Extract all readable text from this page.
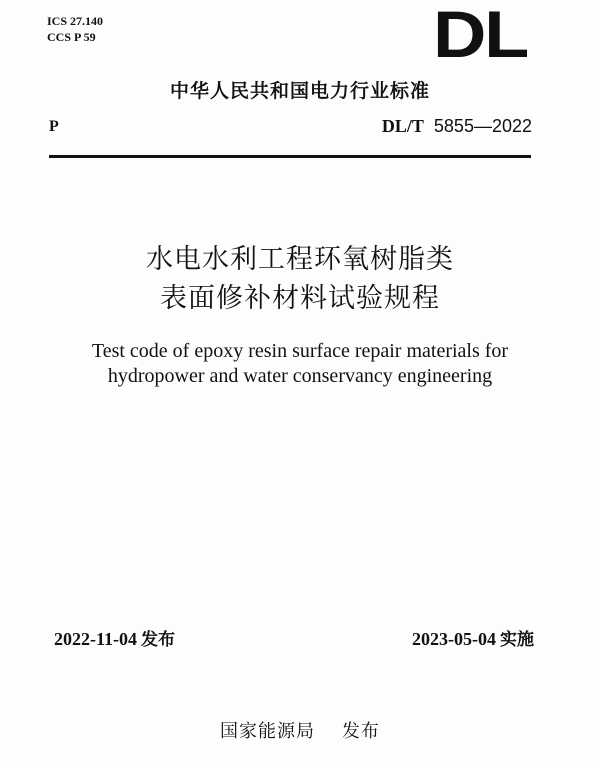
ICS 27.140
CCS P 59	DL
中华人民共和国电力行业标准
P	DL/T 5855—2022
水电水利工程环氧树脂类
表面修补材料试验规程
Test code of epoxy resin surface repair materials for
hydropower and water conservancy engineering
2022-11-04 发布	2023-05-04 实施
国家能源局    发布
